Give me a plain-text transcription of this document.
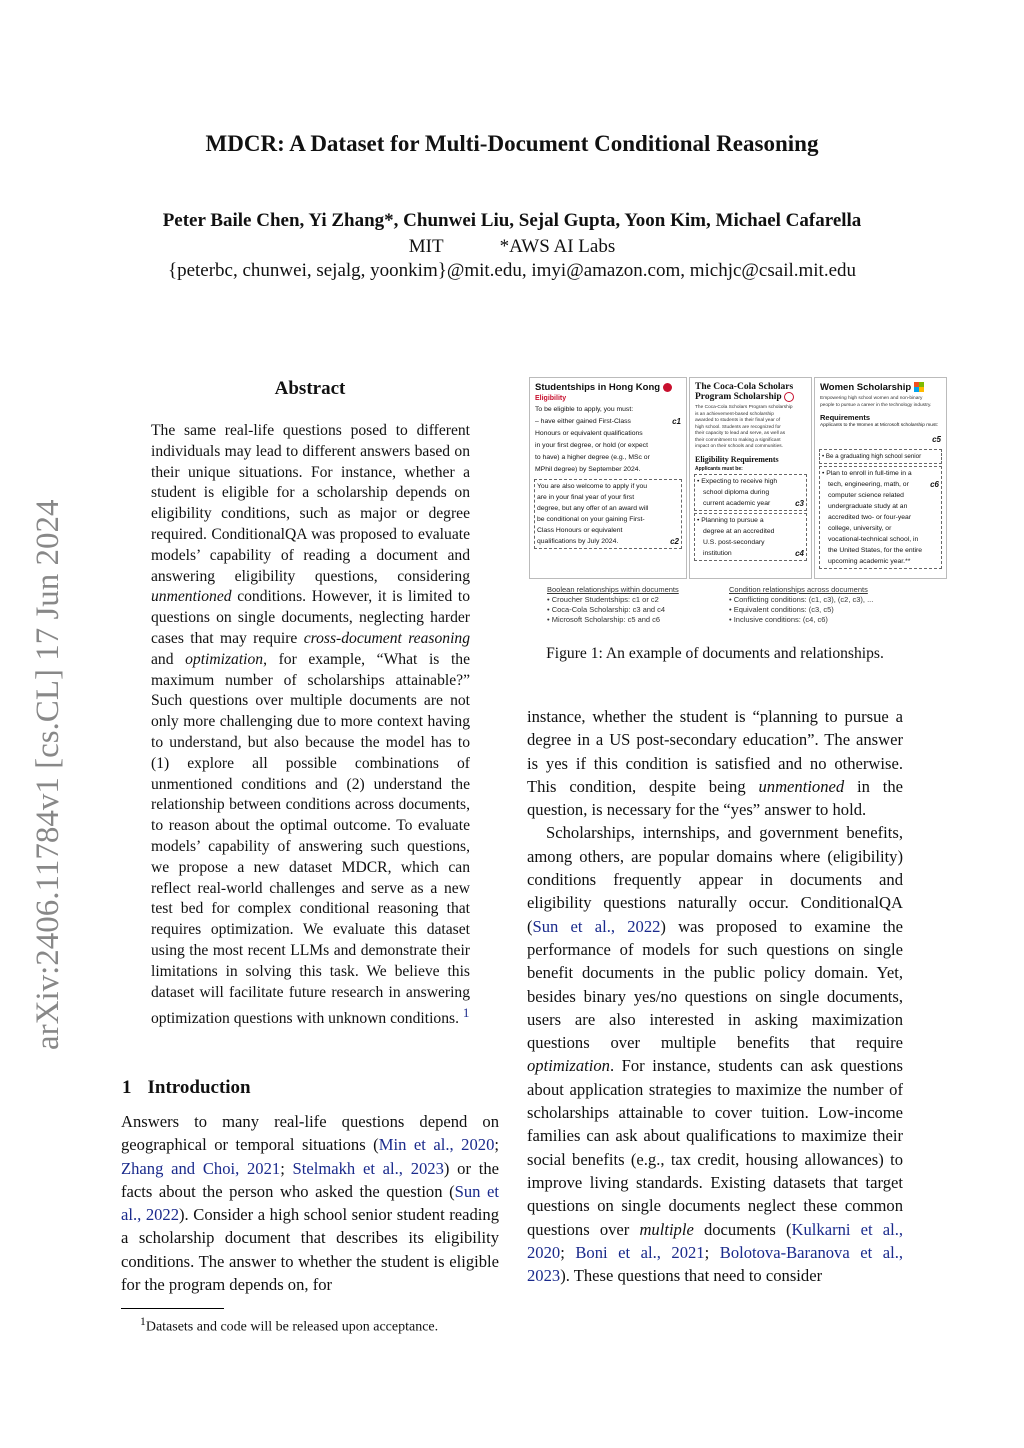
MDCR: A Dataset for Multi-Document Conditional Reasoning
Peter Baile Chen, Yi Zhang*, Chunwei Liu, Sejal Gupta, Yoon Kim, Michael Cafarella
MIT	*AWS AI Labs
{peterbc, chunwei, sejalg, yoonkim}@mit.edu, imyi@amazon.com, michjc@csail.mit.edu
arXiv:2406.11784v1 [cs.CL] 17 Jun 2024
Abstract
The same real-life questions posed to different individuals may lead to different answers based on their unique situations. For instance, whether a student is eligible for a scholarship depends on eligibility conditions, such as major or degree required. ConditionalQA was proposed to evaluate models’ capability of reading a document and answering eligibility questions, considering unmentioned conditions. However, it is limited to questions on single documents, neglecting harder cases that may require cross-document reasoning and optimization, for example, “What is the maximum number of scholarships attainable?” Such questions over multiple documents are not only more challenging due to more context having to understand, but also because the model has to (1) explore all possible combinations of unmentioned conditions and (2) understand the relationship between conditions across documents, to reason about the optimal outcome. To evaluate models’ capability of answering such questions, we propose a new dataset MDCR, which can reflect real-world challenges and serve as a new test bed for complex conditional reasoning that requires optimization. We evaluate this dataset using the most recent LLMs and demonstrate their limitations in solving this task. We believe this dataset will facilitate future research in answering optimization questions with unknown conditions. $^1$
1 Introduction
Answers to many real-life questions depend on geographical or temporal situations (Min et al., 2020; Zhang and Choi, 2021; Stelmakh et al., 2023) or the facts about the person who asked the question (Sun et al., 2022). Consider a high school senior student reading a scholarship document that describes its eligibility conditions. The answer to whether the student is eligible for the program depends on, for
$^1$Datasets and code will be released upon acceptance.
Studentships in Hong Kong
Eligibility
To be eligible to apply, you must:
– have either gained First-Class	c1
Honours or equivalent qualifications
in your first degree, or hold (or expect
to have) a higher degree (e.g., MSc or
MPhil degree) by September 2024.
You are also welcome to apply if you
are in your final year of your first
degree, but any offer of an award will
be conditional on your gaining First-
Class Honours or equivalent
qualifications by July 2024.	c2
The Coca-Cola Scholars
Program Scholarship
The Coca-Cola Scholars Program scholarship
is an achievement-based scholarship
awarded to students in their final year of
high school. Students are recognized for
their capacity to lead and serve, as well as
their commitment to making a significant
impact on their schools and communities.
Eligibility Requirements
Applicants must be:
• Expecting to receive high
school diploma during
current academic year	c3
• Planning to pursue a
degree at an accredited
U.S. post-secondary
institution	c4
Women Scholarship
Empowering high school women and non-binary
people to pursue a career in the technology industry.
Requirements
Applicants to the Women at Microsoft scholarship must:
c5
• Be a graduating high school senior
• Plan to enroll in full-time in a
tech, engineering, math, or	c6
computer science related
undergraduate study at an
accredited two- or four-year
college, university, or
vocational-technical school, in
the United States, for the entire
upcoming academic year.**
Boolean relationships within documents
• Croucher Studentships: c1 or c2
• Coca-Cola Scholarship: c3 and c4
• Microsoft Scholarship: c5 and c6
Condition relationships across documents
• Conflicting conditions: (c1, c3), (c2, c3), ...
• Equivalent conditions: (c3, c5)
• Inclusive conditions: (c4, c6)
Figure 1: An example of documents and relationships.

instance, whether the student is “planning to pursue a degree in a US post-secondary education”. The answer is yes if this condition is satisfied and no otherwise. This condition, despite being unmentioned in the question, is necessary for the “yes” answer to hold.

Scholarships, internships, and government benefits, among others, are popular domains where (eligibility) conditions frequently appear in documents and eligibility questions naturally occur. ConditionalQA (Sun et al., 2022) was proposed to examine the performance of models for such questions on single benefit documents in the public policy domain. Yet, besides binary yes/no questions on single documents, users are also interested in asking maximization questions over multiple benefits that require optimization. For instance, students can ask questions about application strategies to maximize the number of scholarships attainable to cover tuition. Low-income families can ask about qualifications to maximize their social benefits (e.g., tax credit, housing allowances) to improve living standards. Existing datasets that target questions on single documents neglect these common questions over multiple documents (Kulkarni et al., 2020; Boni et al., 2021; Bolotova-Baranova et al., 2023). These questions that need to consider
